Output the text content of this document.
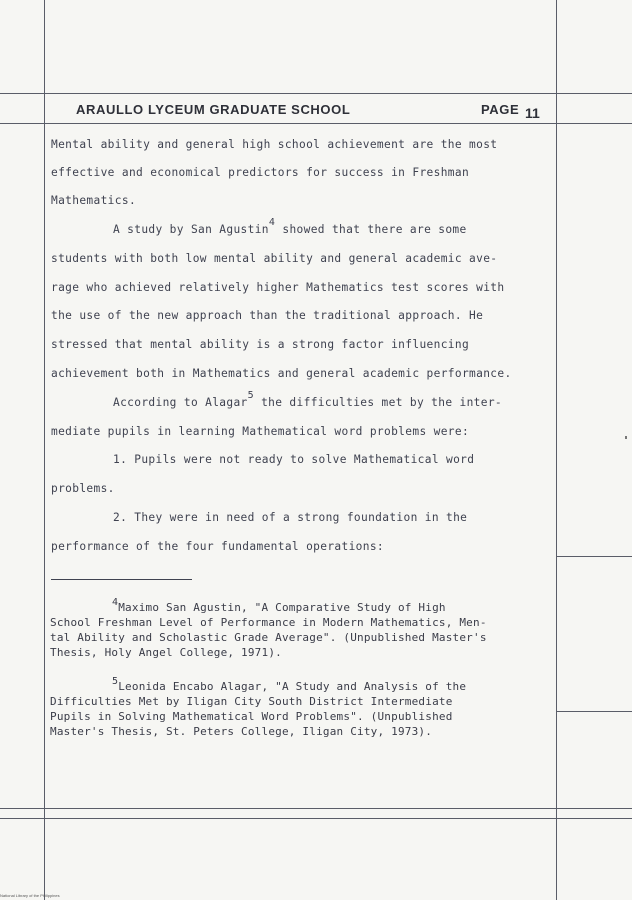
ARAULLO LYCEUM GRADUATE SCHOOL	PAGE 11
Mental ability and general high school achievement are the most
effective and economical predictors for success in Freshman
Mathematics.
A study by San Agustin4 showed that there are some
students with both low mental ability and general academic ave-
rage who achieved relatively higher Mathematics test scores with
the use of the new approach than the traditional approach. He
stressed that mental ability is a strong factor influencing
achievement both in Mathematics and general academic performance.
According to Alagar5 the difficulties met by the inter-
mediate pupils in learning Mathematical word problems were:
1. Pupils were not ready to solve Mathematical word
problems.
2. They were in need of a strong foundation in the
performance of the four fundamental operations:
4Maximo San Agustin, "A Comparative Study of High
School Freshman Level of Performance in Modern Mathematics, Men-
tal Ability and Scholastic Grade Average". (Unpublished Master's
Thesis, Holy Angel College, 1971).
5Leonida Encabo Alagar, "A Study and Analysis of the
Difficulties Met by Iligan City South District Intermediate
Pupils in Solving Mathematical Word Problems". (Unpublished
Master's Thesis, St. Peters College, Iligan City, 1973).
National Library of the Philippines
